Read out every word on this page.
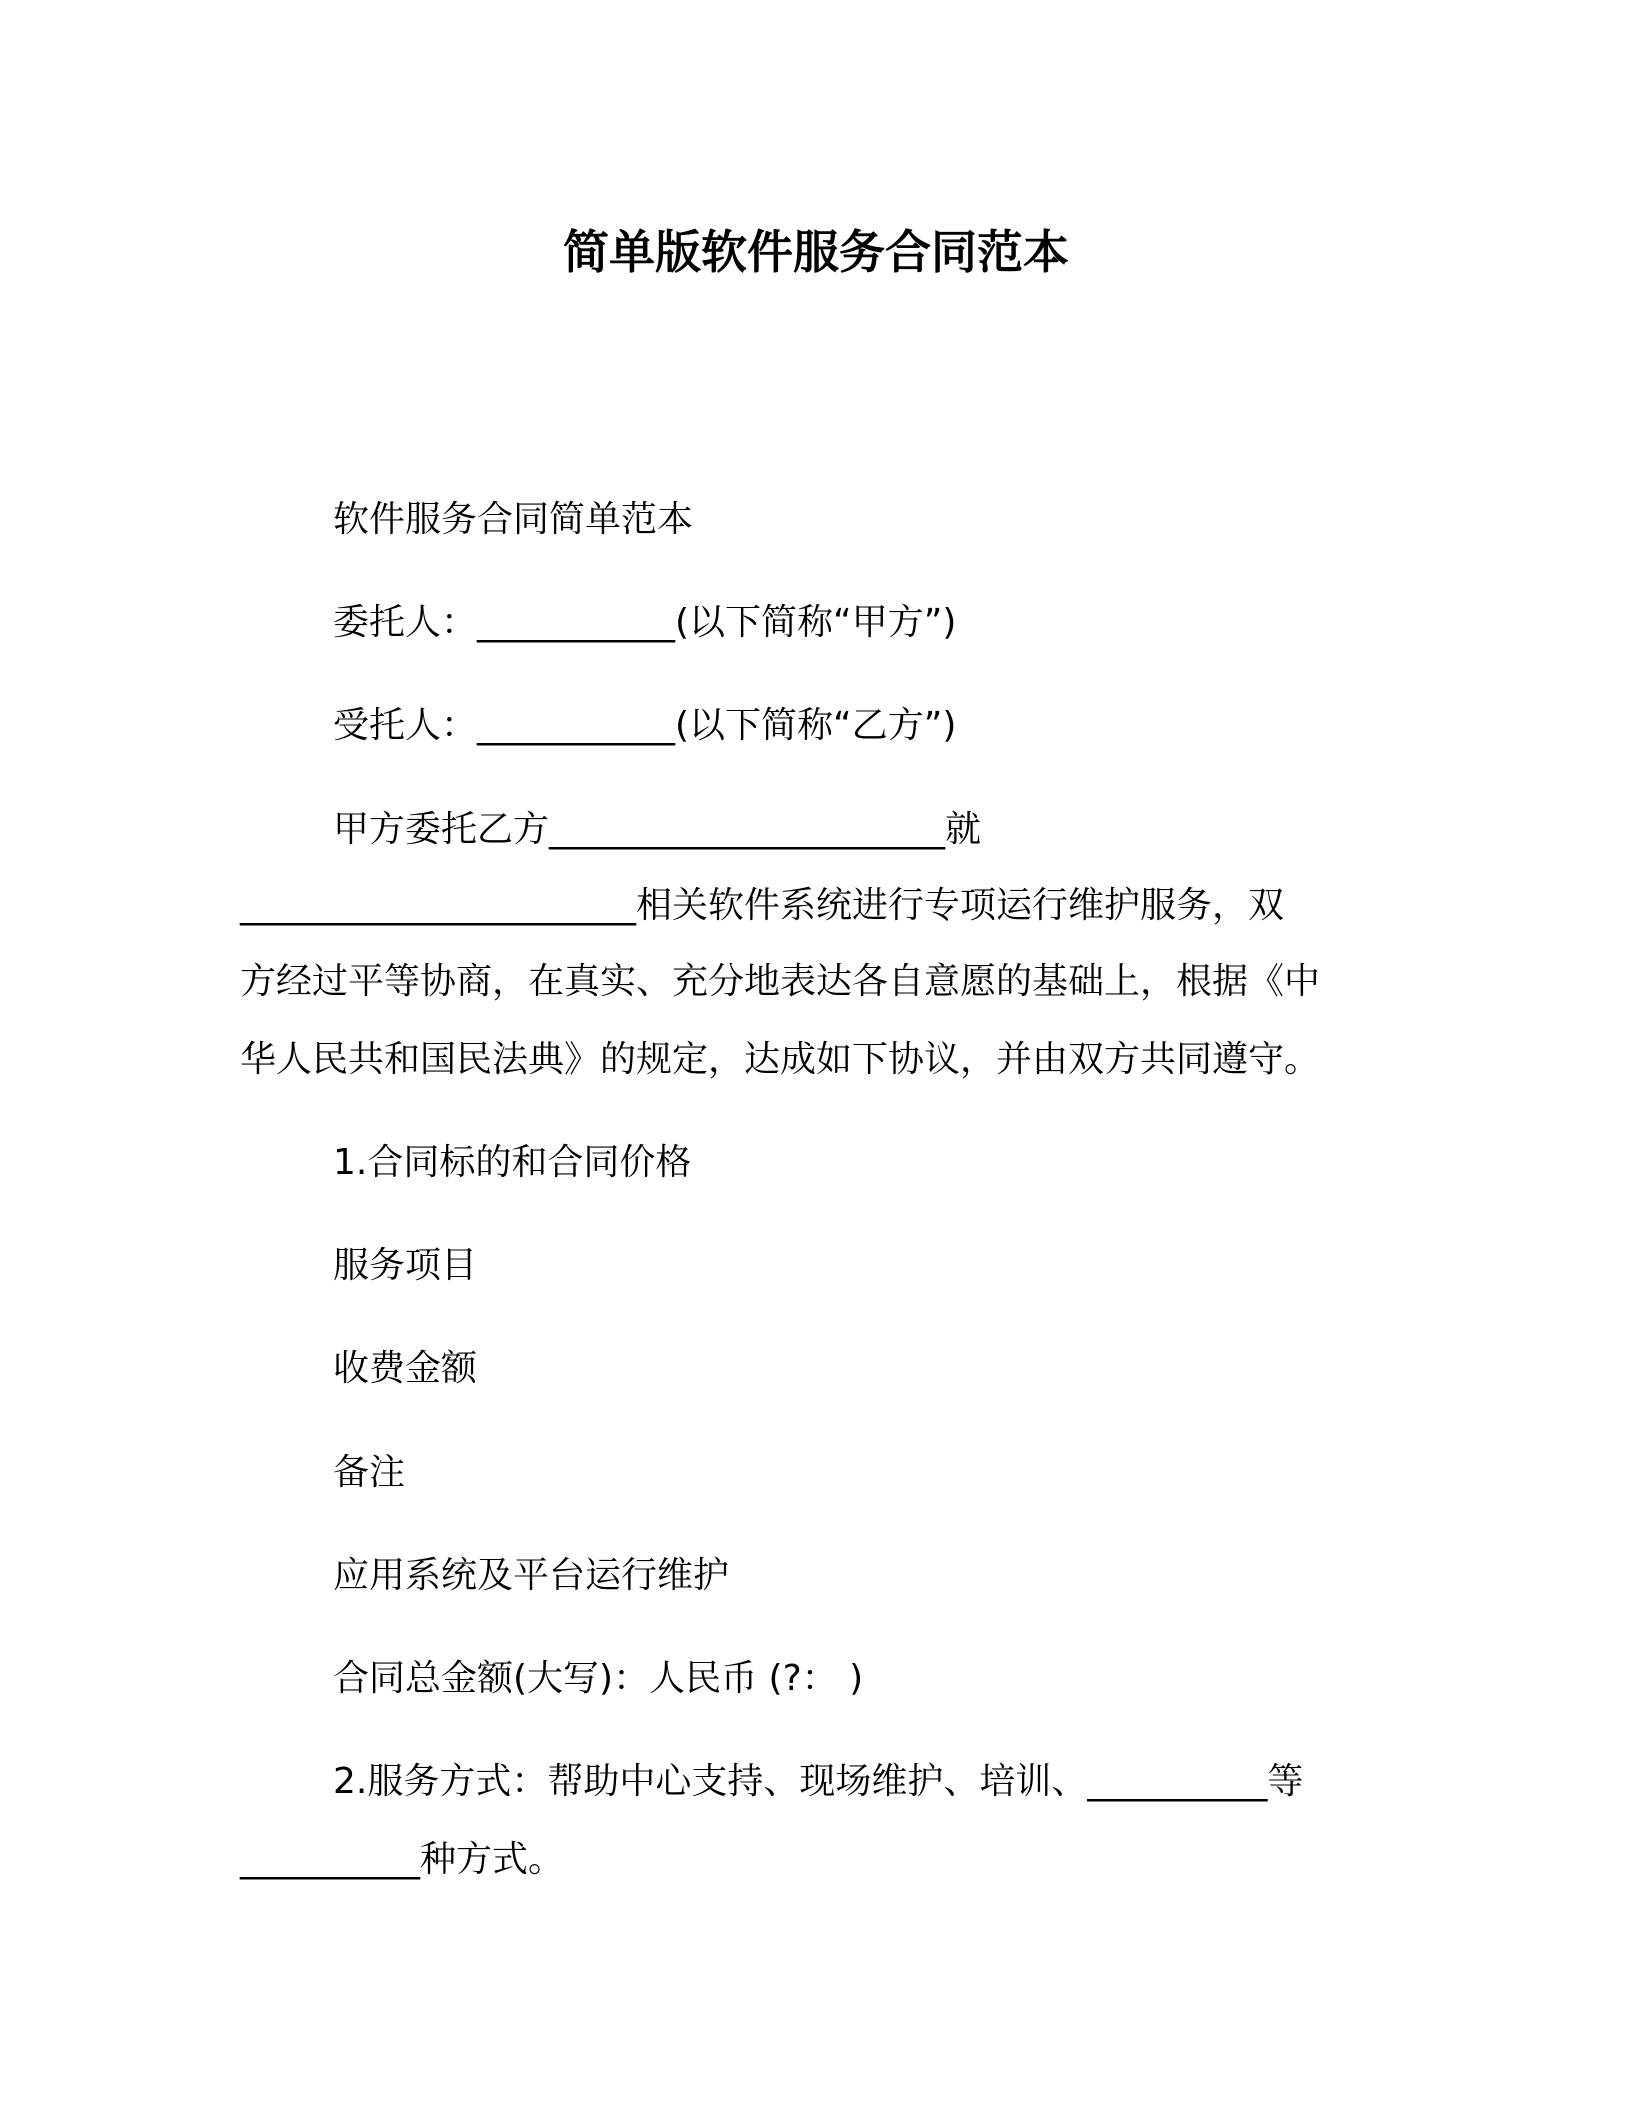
简单版软件服务合同范本
软件服务合同简单范本
委托人：___________(以下简称“甲方”)
受托人：___________(以下简称“乙方”)
甲方委托乙方______________________就
______________________相关软件系统进行专项运行维护服务，双
方经过平等协商，在真实、充分地表达各自意愿的基础上，根据《中
华人民共和国民法典》的规定，达成如下协议，并由双方共同遵守。
1.合同标的和合同价格
服务项目
收费金额
备注
应用系统及平台运行维护
合同总金额(大写)：人民币 (?： )
2.服务方式：帮助中心支持、现场维护、培训、__________等
__________种方式。
